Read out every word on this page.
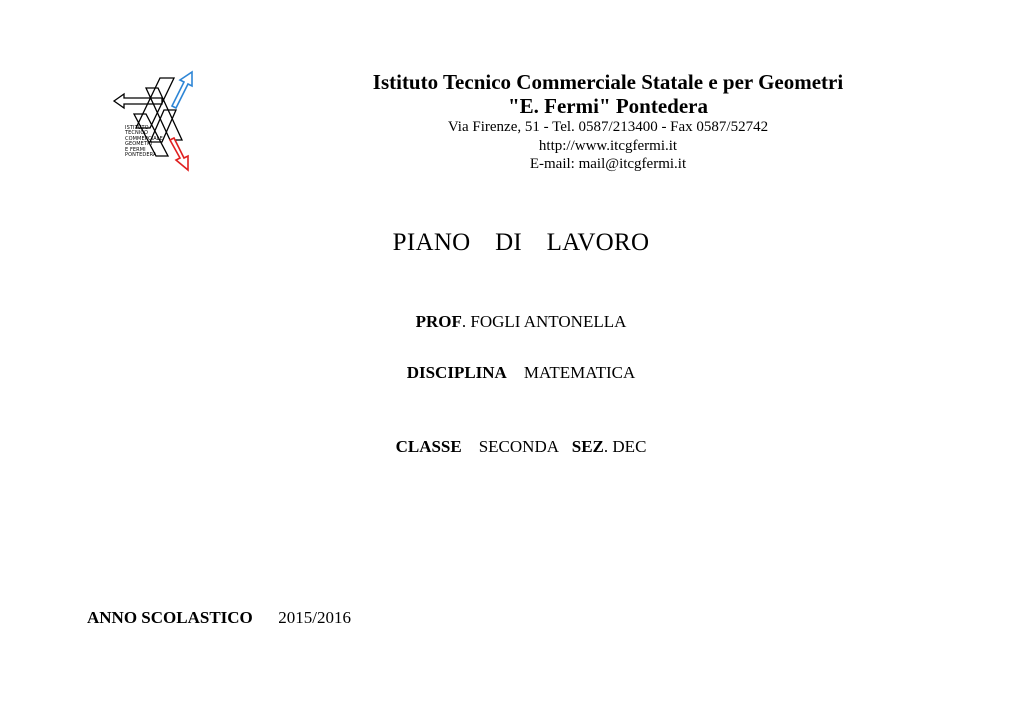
ISTITUTO
TECNICO
COMMERCIALE
GEOMETRI
E FERMI
PONTEDERA
Istituto Tecnico Commerciale Statale e per Geometri
"E. Fermi" Pontedera
Via Firenze, 51 - Tel. 0587/213400 - Fax 0587/52742
http://www.itcgfermi.it
E-mail: mail@itcgfermi.it
PIANO DI LAVORO
PROF. FOGLI ANTONELLA
DISCIPLINA MATEMATICA
CLASSE SECONDA SEZ. DEC
ANNO SCOLASTICO 2015/2016
